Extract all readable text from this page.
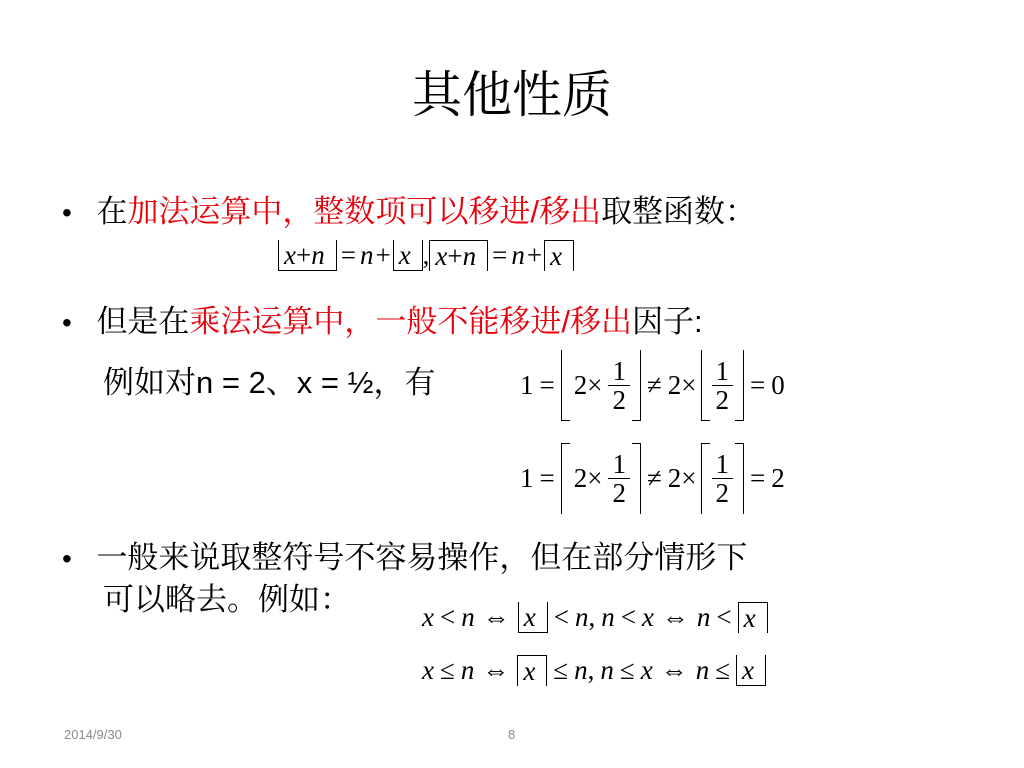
其他性质
• 在加法运算中，整数项可以移进/移出取整函数：
x+n = n + x , x+n = n + x
• 但是在乘法运算中，一般不能移进/移出因子:
例如对n = 2、x = ½，有	$1 = 2\times \frac{1}{2} \ne 2\times \frac{1}{2} = 0$
$1 = 2\times \frac{1}{2} \ne 2\times \frac{1}{2} = 2$
• 一般来说取整符号不容易操作，但在部分情形下
可以略去。例如：	x < n ⇔ x < n , n < x ⇔ n < x
x ≤ n ⇔ x ≤ n , n ≤ x ⇔ n ≤ x
2014/9/30	8
